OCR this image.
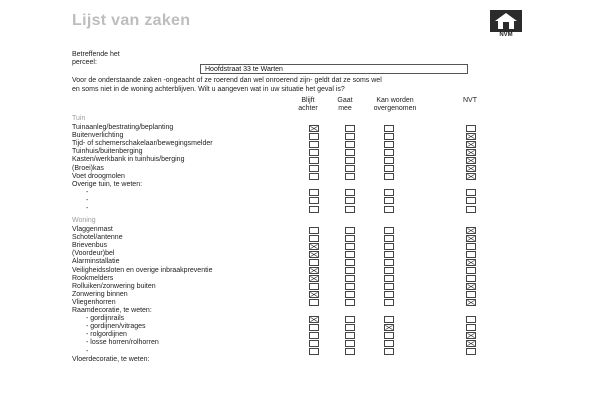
Lijst van zaken
NVM
Betreffende het
perceel:
Hoofdstraat 33 te Warten
Voor de onderstaande zaken -ongeacht of ze roerend dan wel onroerend zijn- geldt dat ze soms wel
en soms niet in de woning achterblijven. Wilt u aangeven wat in uw situatie het geval is?
Blijft
achter
Gaat
mee
Kan worden
overgenomen
NVT
Tuin
Tuinaanleg/bestrating/beplanting
Buitenverlichting
Tijd- of schemerschakelaar/bewegingsmelder
Tuinhuis/buitenberging
Kasten/werkbank in tuinhuis/berging
(Broei)kas
Voet droogmolen
Overige tuin, te weten:
-
-
-
Woning
Vlaggenmast
Schotel/antenne
Brievenbus
(Voordeur)bel
Alarminstallatie
Veiligheidssloten en overige inbraakpreventie
Rookmelders
Rolluiken/zonwering buiten
Zonwering binnen
Vliegenhorren
Raamdecoratie, te weten:
- gordijnrails
- gordijnen/vitrages
- rolgordijnen
- losse horren/rolhorren
-
Vloerdecoratie, te weten:
